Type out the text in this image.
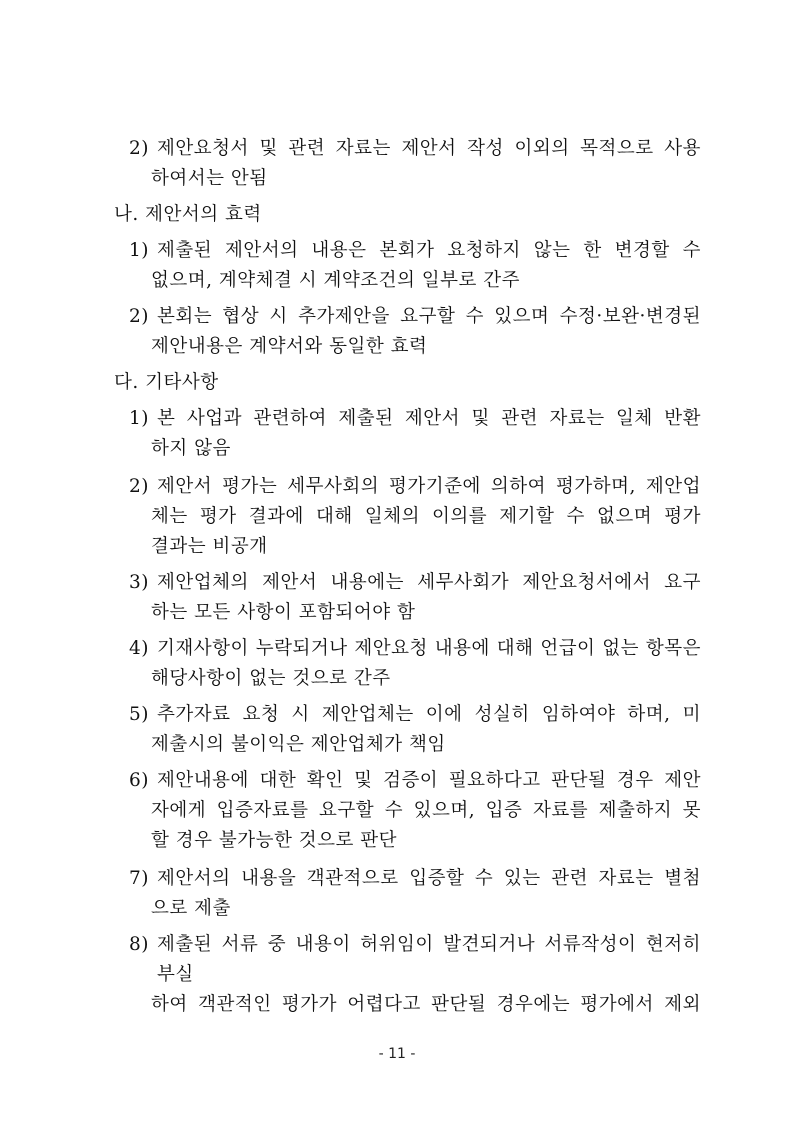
2) 제안요청서 및 관련 자료는 제안서 작성 이외의 목적으로 사용
하여서는 안됨
나. 제안서의 효력
1) 제출된 제안서의 내용은 본회가 요청하지 않는 한 변경할 수
없으며, 계약체결 시 계약조건의 일부로 간주
2) 본회는 협상 시 추가제안을 요구할 수 있으며 수정·보완·변경된
제안내용은 계약서와 동일한 효력
다. 기타사항
1) 본 사업과 관련하여 제출된 제안서 및 관련 자료는 일체 반환
하지 않음
2) 제안서 평가는 세무사회의 평가기준에 의하여 평가하며, 제안업
체는 평가 결과에 대해 일체의 이의를 제기할 수 없으며 평가
결과는 비공개
3) 제안업체의 제안서 내용에는 세무사회가 제안요청서에서 요구
하는 모든 사항이 포함되어야 함
4) 기재사항이 누락되거나 제안요청 내용에 대해 언급이 없는 항목은
해당사항이 없는 것으로 간주
5) 추가자료 요청 시 제안업체는 이에 성실히 임하여야 하며, 미
제출시의 불이익은 제안업체가 책임
6) 제안내용에 대한 확인 및 검증이 필요하다고 판단될 경우 제안
자에게 입증자료를 요구할 수 있으며, 입증 자료를 제출하지 못
할 경우 불가능한 것으로 판단
7) 제안서의 내용을 객관적으로 입증할 수 있는 관련 자료는 별첨
으로 제출
8) 제출된 서류 중 내용이 허위임이 발견되거나 서류작성이 현저히 부실
하여 객관적인 평가가 어렵다고 판단될 경우에는 평가에서 제외
- 11 -
